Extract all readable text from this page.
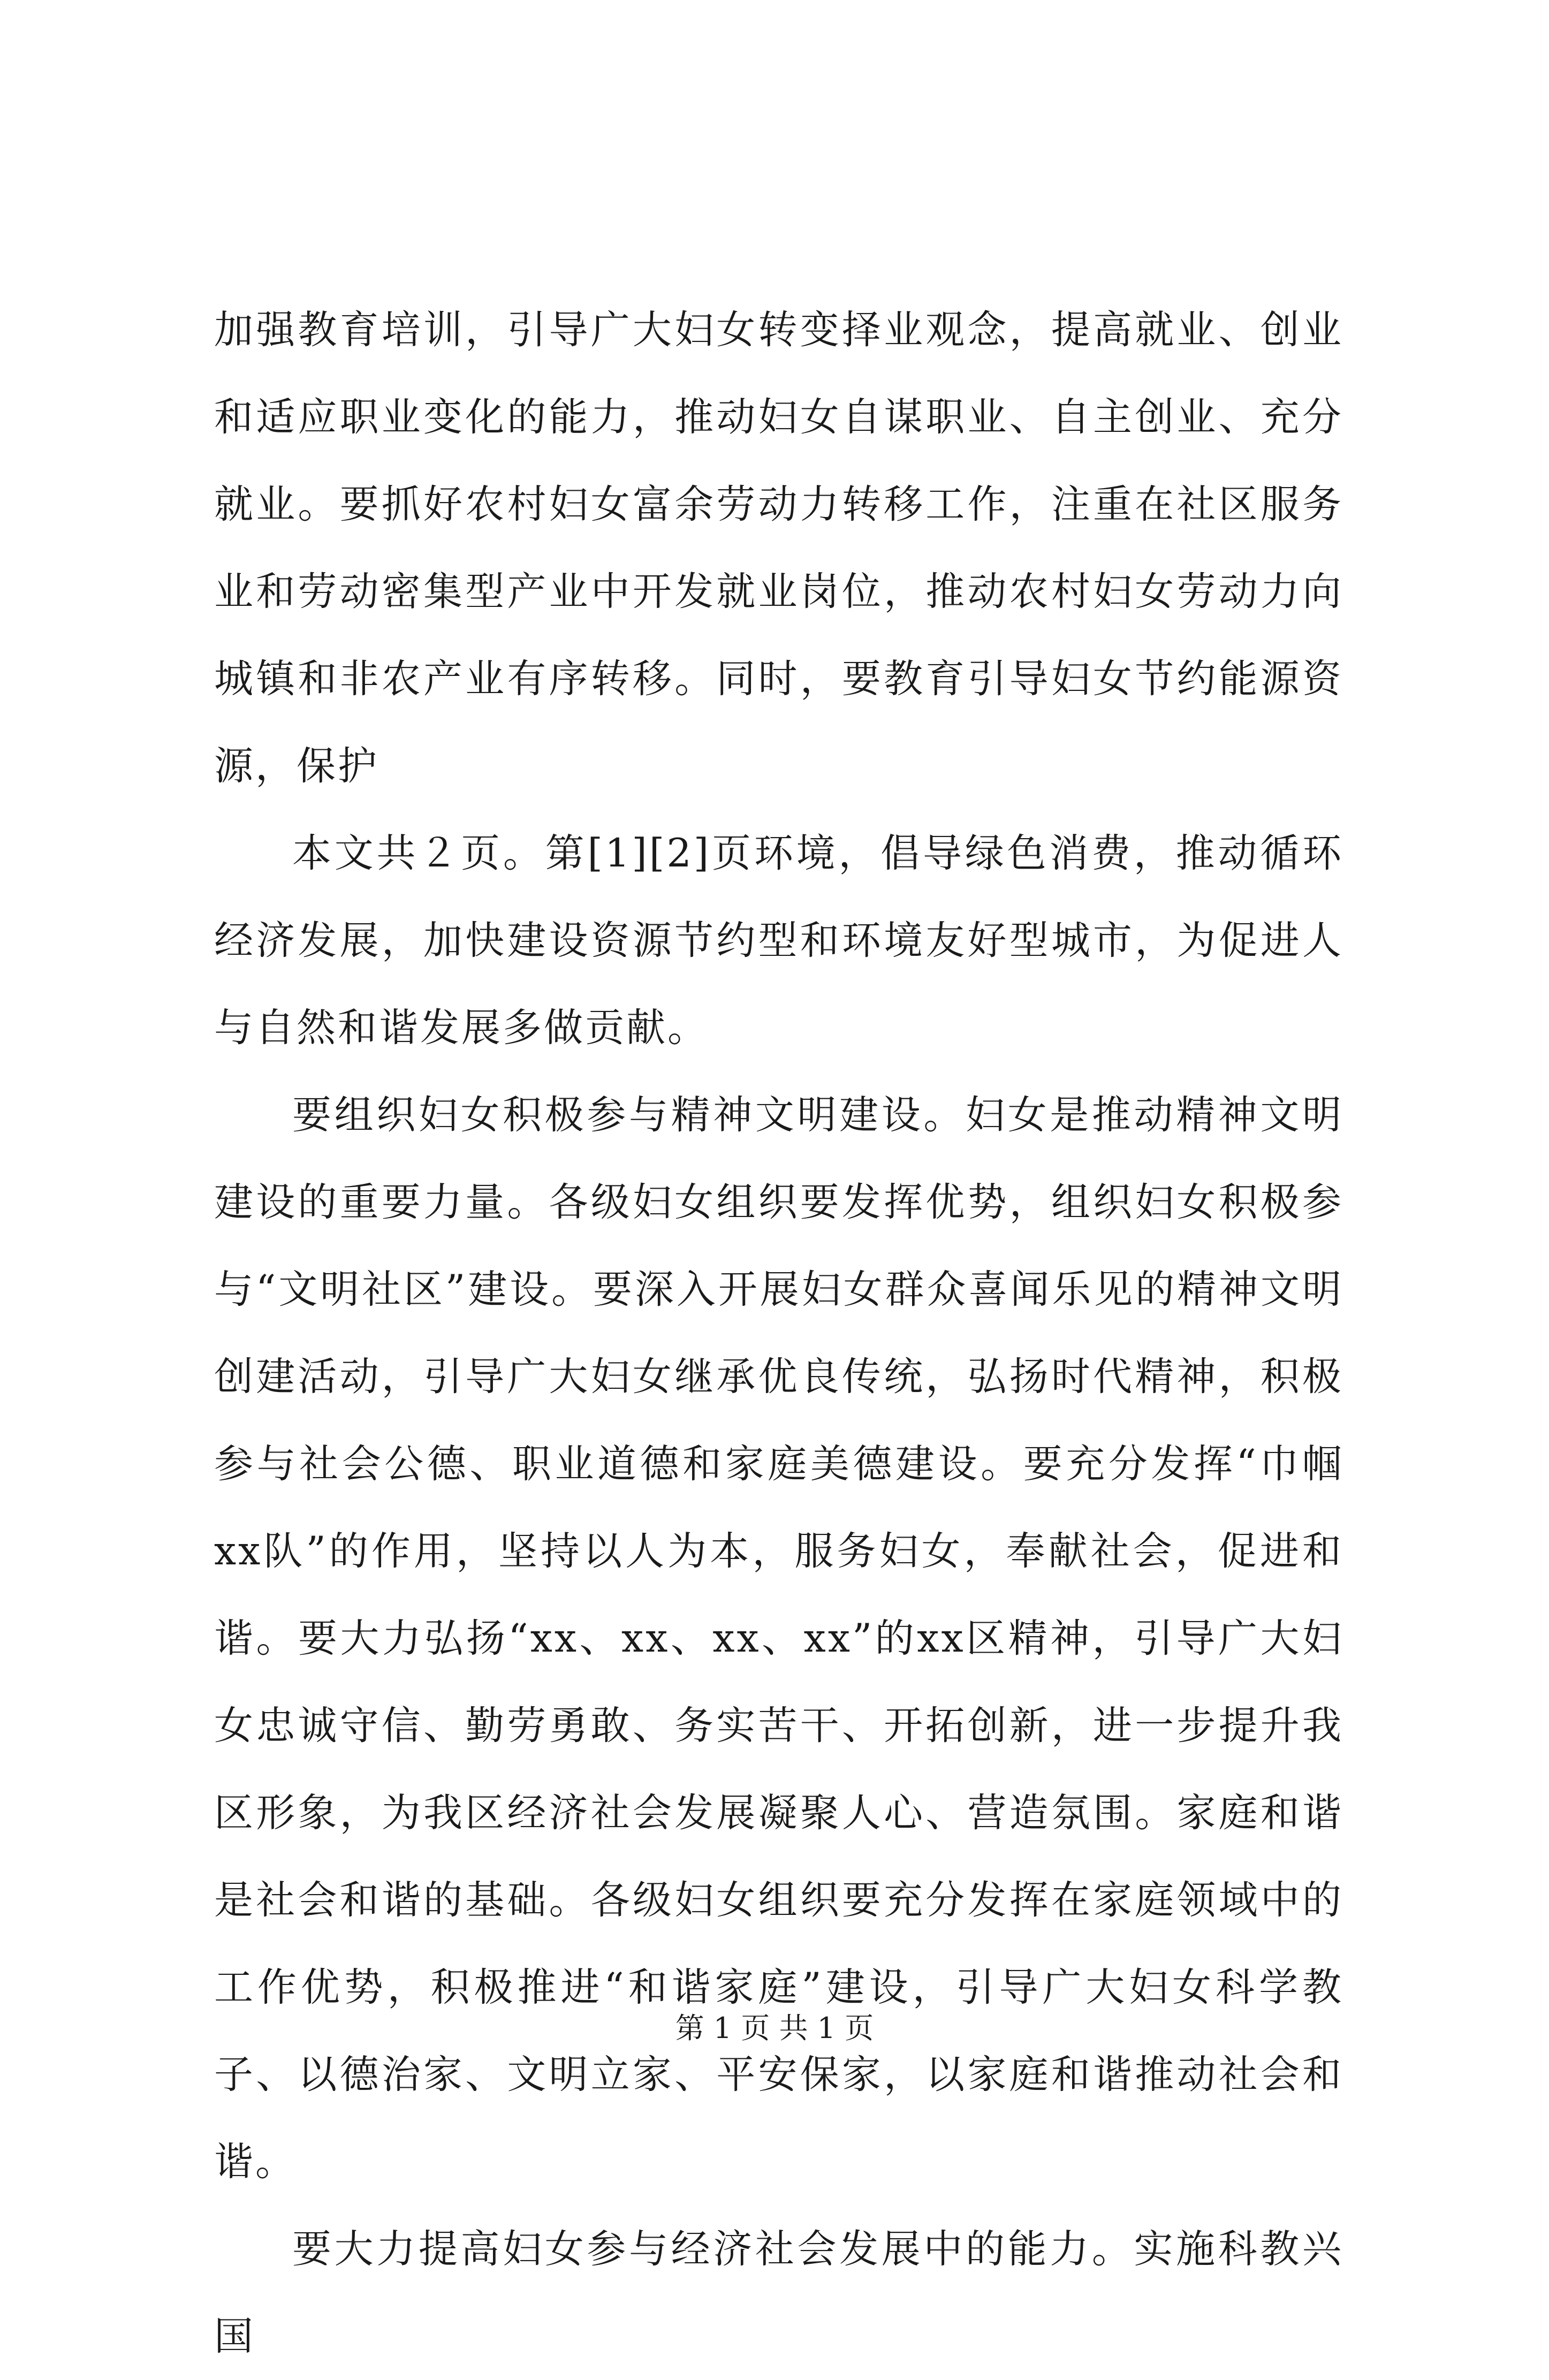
加强教育培训，引导广大妇女转变择业观念，提高就业、创业和适应职业变化的能力，推动妇女自谋职业、自主创业、充分就业。要抓好农村妇女富余劳动力转移工作，注重在社区服务业和劳动密集型产业中开发就业岗位，推动农村妇女劳动力向城镇和非农产业有序转移。同时，要教育引导妇女节约能源资源，保护

本文共２页。第[1][2]页环境，倡导绿色消费，推动循环经济发展，加快建设资源节约型和环境友好型城市，为促进人与自然和谐发展多做贡献。

要组织妇女积极参与精神文明建设。妇女是推动精神文明建设的重要力量。各级妇女组织要发挥优势，组织妇女积极参与“文明社区”建设。要深入开展妇女群众喜闻乐见的精神文明创建活动，引导广大妇女继承优良传统，弘扬时代精神，积极参与社会公德、职业道德和家庭美德建设。要充分发挥“巾帼xx队”的作用，坚持以人为本，服务妇女，奉献社会，促进和谐。要大力弘扬“xx、xx、xx、xx”的xx区精神，引导广大妇女忠诚守信、勤劳勇敢、务实苦干、开拓创新，进一步提升我区形象，为我区经济社会发展凝聚人心、营造氛围。家庭和谐是社会和谐的基础。各级妇女组织要充分发挥在家庭领域中的工作优势，积极推进“和谐家庭”建设，引导广大妇女科学教子、以德治家、文明立家、平安保家，以家庭和谐推动社会和谐。

要大力提高妇女参与经济社会发展中的能力。实施科教兴国

第 1 页 共 1 页
